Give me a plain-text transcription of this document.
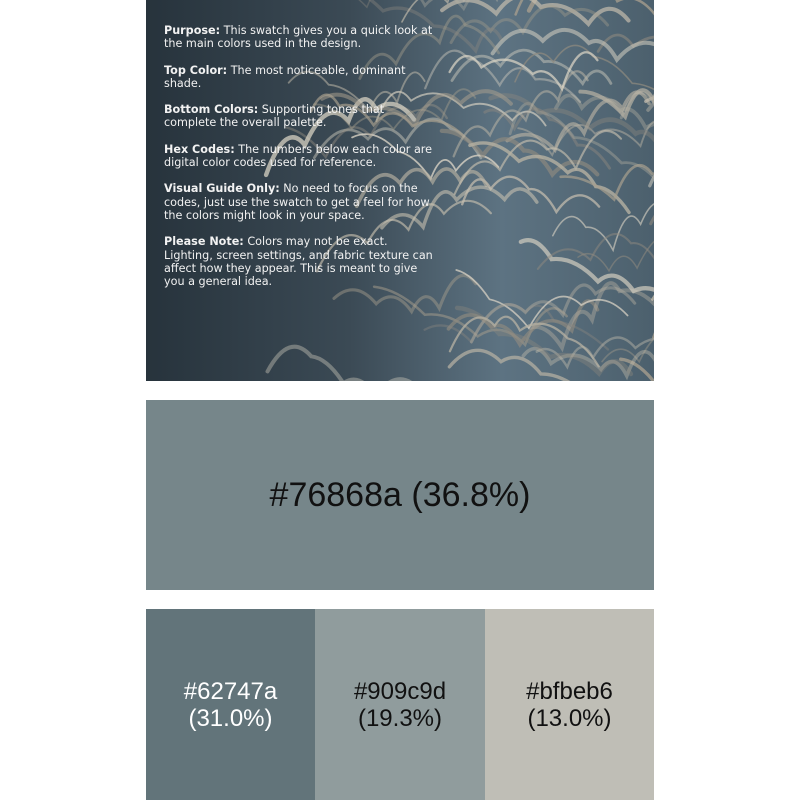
Purpose: This swatch gives you a quick look at the main colors used in the design.

Top Color: The most noticeable, dominant shade.

Bottom Colors: Supporting tones that complete the overall palette.

Hex Codes: The numbers below each color are digital color codes used for reference.

Visual Guide Only: No need to focus on the codes, just use the swatch to get a feel for how the colors might look in your space.

Please Note: Colors may not be exact. Lighting, screen settings, and fabric texture can affect how they appear. This is meant to give you a general idea.

#76868a (36.8%)
#62747a
(31.0%)
#909c9d
(19.3%)
#bfbeb6
(13.0%)
